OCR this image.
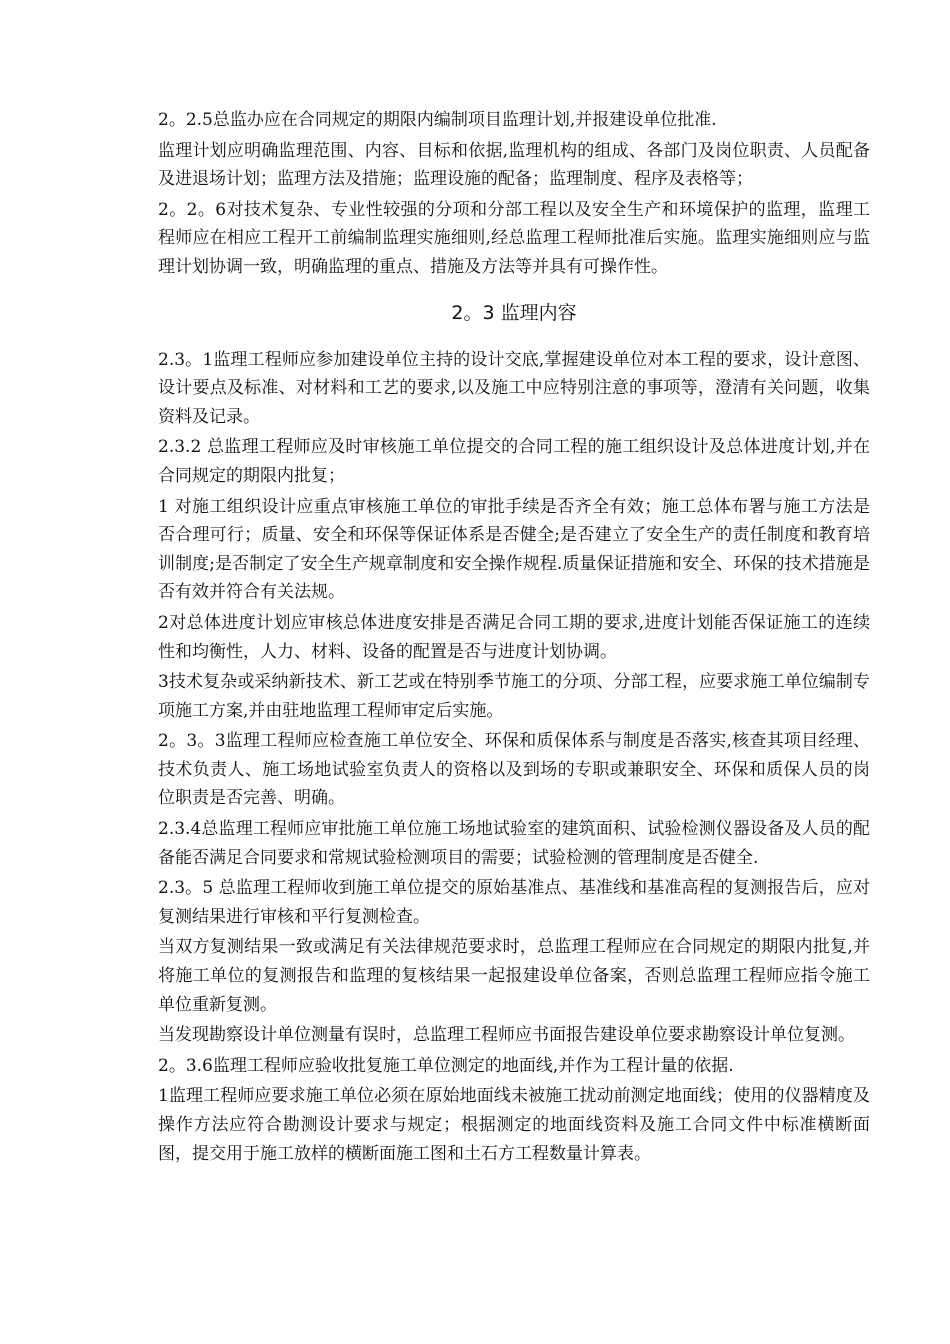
2。2.5总监办应在合同规定的期限内编制项目监理计划,并报建设单位批准.

监理计划应明确监理范围、内容、目标和依据,监理机构的组成、各部门及岗位职责、人员配备及进退场计划；监理方法及措施；监理设施的配备；监理制度、程序及表格等；

2。2。6对技术复杂、专业性较强的分项和分部工程以及安全生产和环境保护的监理，监理工程师应在相应工程开工前编制监理实施细则,经总监理工程师批准后实施。监理实施细则应与监理计划协调一致，明确监理的重点、措施及方法等并具有可操作性。

2。3 监理内容

2.3。1监理工程师应参加建设单位主持的设计交底,掌握建设单位对本工程的要求，设计意图、设计要点及标准、对材料和工艺的要求,以及施工中应特别注意的事项等，澄清有关问题，收集资料及记录。

2.3.2 总监理工程师应及时审核施工单位提交的合同工程的施工组织设计及总体进度计划,并在合同规定的期限内批复；

1 对施工组织设计应重点审核施工单位的审批手续是否齐全有效；施工总体布署与施工方法是否合理可行；质量、安全和环保等保证体系是否健全;是否建立了安全生产的责任制度和教育培训制度;是否制定了安全生产规章制度和安全操作规程.质量保证措施和安全、环保的技术措施是否有效并符合有关法规。

2对总体进度计划应审核总体进度安排是否满足合同工期的要求,进度计划能否保证施工的连续性和均衡性，人力、材料、设备的配置是否与进度计划协调。

3技术复杂或采纳新技术、新工艺或在特别季节施工的分项、分部工程，应要求施工单位编制专项施工方案,并由驻地监理工程师审定后实施。

2。3。3监理工程师应检查施工单位安全、环保和质保体系与制度是否落实,核查其项目经理、技术负责人、施工场地试验室负责人的资格以及到场的专职或兼职安全、环保和质保人员的岗位职责是否完善、明确。

2.3.4总监理工程师应审批施工单位施工场地试验室的建筑面积、试验检测仪器设备及人员的配备能否满足合同要求和常规试验检测项目的需要；试验检测的管理制度是否健全.

2.3。5 总监理工程师收到施工单位提交的原始基准点、基准线和基准高程的复测报告后，应对复测结果进行审核和平行复测检查。

当双方复测结果一致或满足有关法律规范要求时，总监理工程师应在合同规定的期限内批复,并将施工单位的复测报告和监理的复核结果一起报建设单位备案，否则总监理工程师应指令施工单位重新复测。

当发现勘察设计单位测量有误时，总监理工程师应书面报告建设单位要求勘察设计单位复测。

2。3.6监理工程师应验收批复施工单位测定的地面线,并作为工程计量的依据.

1监理工程师应要求施工单位必须在原始地面线未被施工扰动前测定地面线；使用的仪器精度及操作方法应符合勘测设计要求与规定；根据测定的地面线资料及施工合同文件中标准横断面图，提交用于施工放样的横断面施工图和土石方工程数量计算表。
